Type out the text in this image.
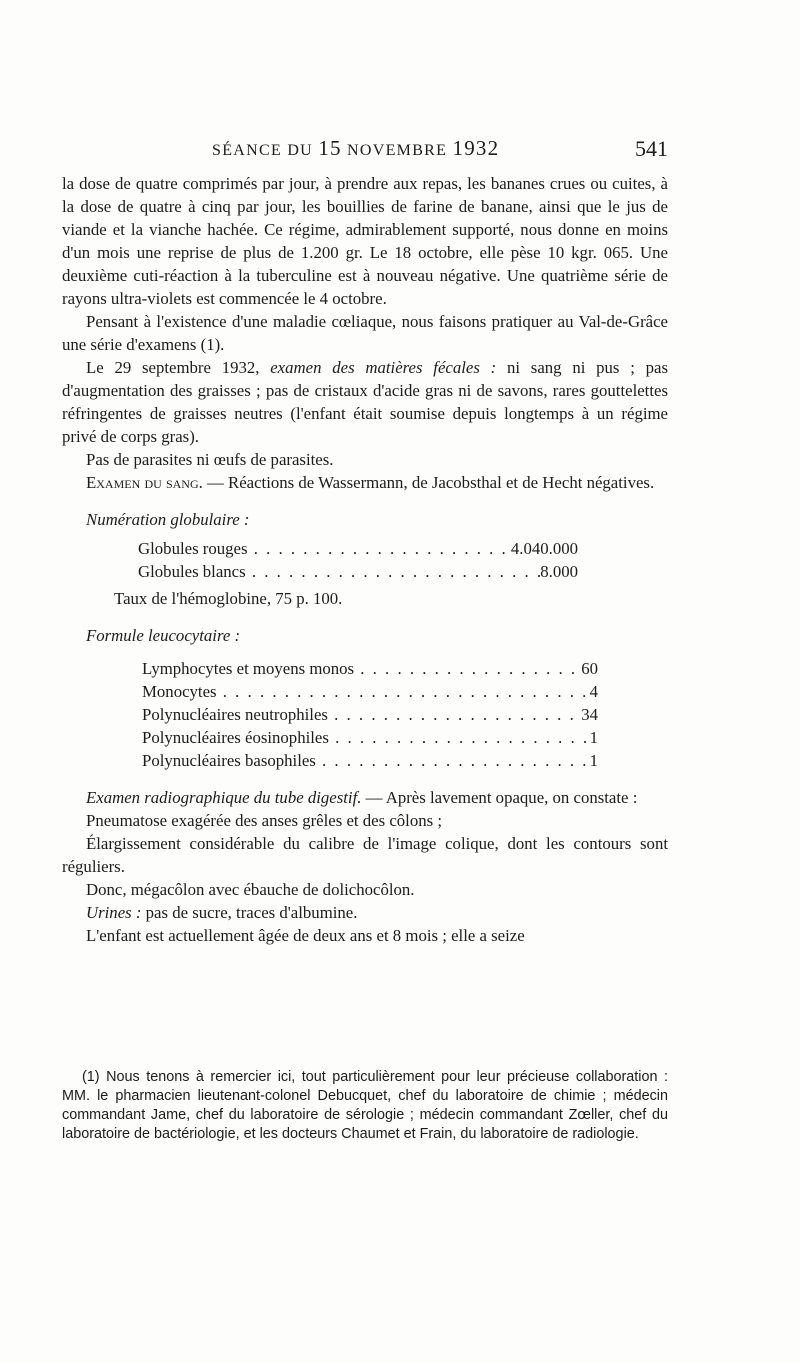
SÉANCE DU 15 NOVEMBRE 1932	541

la dose de quatre comprimés par jour, à prendre aux repas, les bananes crues ou cuites, à la dose de quatre à cinq par jour, les bouillies de farine de banane, ainsi que le jus de viande et la vianche hachée. Ce régime, admirablement supporté, nous donne en moins d'un mois une reprise de plus de 1.200 gr. Le 18 octobre, elle pèse 10 kgr. 065. Une deuxième cuti-réaction à la tuberculine est à nouveau négative. Une quatrième série de rayons ultra-violets est commencée le 4 octobre.

Pensant à l'existence d'une maladie cœliaque, nous faisons pratiquer au Val-de-Grâce une série d'examens (1).

Le 29 septembre 1932, examen des matières fécales : ni sang ni pus ; pas d'augmentation des graisses ; pas de cristaux d'acide gras ni de savons, rares gouttelettes réfringentes de graisses neutres (l'enfant était soumise depuis longtemps à un régime privé de corps gras).

Pas de parasites ni œufs de parasites.

Examen du sang. — Réactions de Wassermann, de Jacobsthal et de Hecht négatives.

Numération globulaire :

Globules rouges . . .	4.040.000
Globules blancs . . .	8.000

Taux de l'hémoglobine, 75 p. 100.

Formule leucocytaire :

Lymphocytes et moyens monos . . .	60
Monocytes . . .	4
Polynucléaires neutrophiles . . .	34
Polynucléaires éosinophiles . . .	1
Polynucléaires basophiles . . .	1

Examen radiographique du tube digestif. — Après lavement opaque, on constate :

Pneumatose exagérée des anses grêles et des côlons ;

Élargissement considérable du calibre de l'image colique, dont les contours sont réguliers.

Donc, mégacôlon avec ébauche de dolichocôlon.

Urines : pas de sucre, traces d'albumine.

L'enfant est actuellement âgée de deux ans et 8 mois ; elle a seize

(1) Nous tenons à remercier ici, tout particulièrement pour leur précieuse collaboration : MM. le pharmacien lieutenant-colonel Debucquet, chef du laboratoire de chimie ; médecin commandant Jame, chef du laboratoire de sérologie ; médecin commandant Zœller, chef du laboratoire de bactériologie, et les docteurs Chaumet et Frain, du laboratoire de radiologie.
